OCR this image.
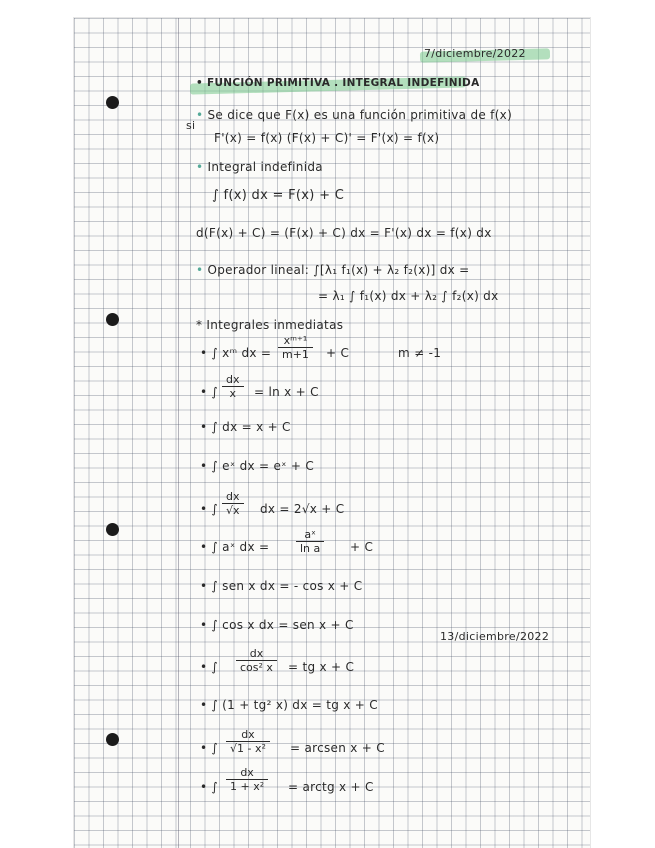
7/diciembre/2022
• FUNCIÓN PRIMITIVA . INTEGRAL INDEFINIDA
• Se dice que F(x) es una función primitiva de f(x)
si
F'(x) = f(x) (F(x) + C)' = F'(x) = f(x)
• Integral indefinida
∫ f(x) dx = F(x) + C
d(F(x) + C) = (F(x) + C) dx = F'(x) dx = f(x) dx
• Operador lineal: ∫[λ₁ f₁(x) + λ₂ f₂(x)] dx =
= λ₁ ∫ f₁(x) dx + λ₂ ∫ f₂(x) dx
* Integrales inmediatas
• ∫ xᵐ dx = $\frac{\text{xᵐ⁺¹}}{m+1} + C$	m ≠ -1
• ∫ $\frac{dx}{x} = \ln x + C$
• ∫ dx = x + C
• ∫ eˣ dx = eˣ + C
• ∫ $\frac{dx}{√x}$ dx = 2√x + C
• ∫ aˣ dx = $\frac{\text{aˣ}}{\text{ln a}} + C$
• ∫ sen x dx = - cos x + C
• ∫ cos x dx = sen x + C
13/diciembre/2022
• ∫ $\frac{dx}{\text{cos² x}}$ = tg x + C
• ∫ (1 + tg² x) dx = tg x + C
• ∫ $\frac{dx}{\text{√1 - x²}}$ = arcsen x + C
• ∫ $\frac{dx}{\text{1 + x²}}$ = arctg x + C
